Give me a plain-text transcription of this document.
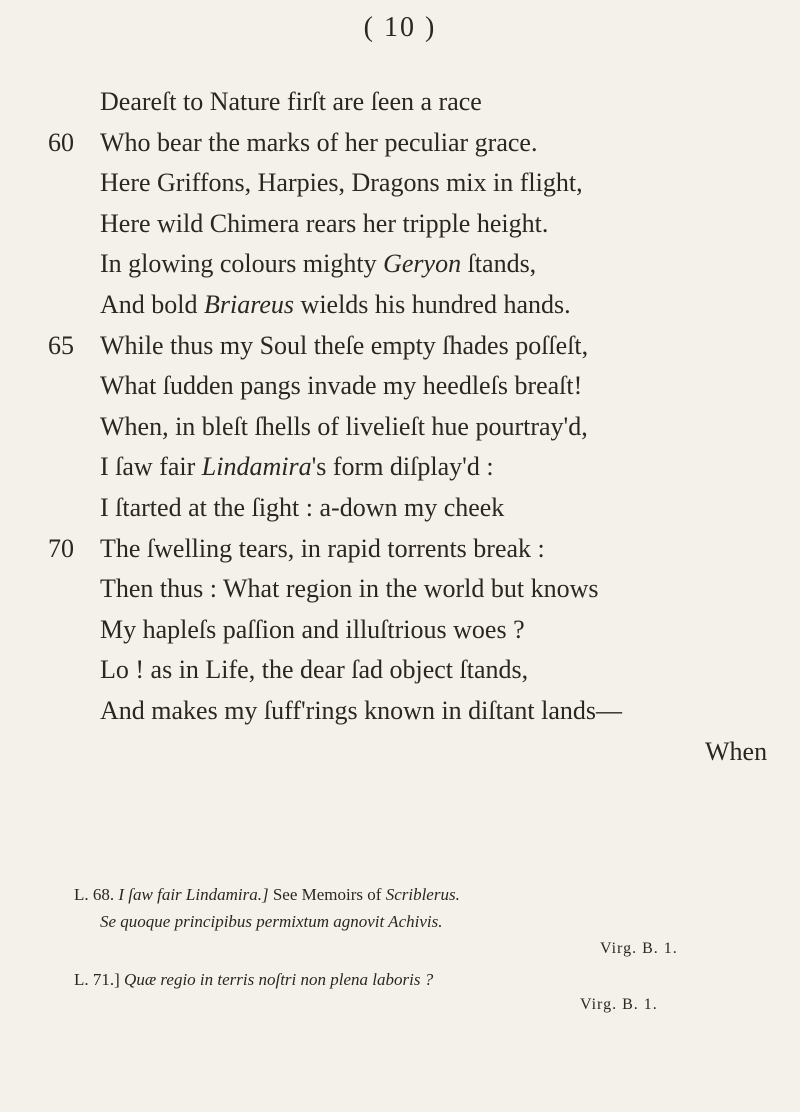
( 10 )
Deareſt to Nature firſt are ſeen a race
60 Who bear the marks of her peculiar grace.
Here Griffons, Harpies, Dragons mix in flight,
Here wild Chimera rears her tripple height.
In glowing colours mighty Geryon ſtands,
And bold Briareus wields his hundred hands.
65 While thus my Soul theſe empty ſhades poſſeſt,
What ſudden pangs invade my heedleſs breaſt!
When, in bleſt ſhells of livelieſt hue pourtray'd,
I ſaw fair Lindamira's form diſplay'd :
I ſtarted at the ſight : a-down my cheek
70 The ſwelling tears, in rapid torrents break :
Then thus : What region in the world but knows
My hapleſs paſſion and illuſtrious woes ?
Lo ! as in Life, the dear ſad object ſtands,
And makes my ſuff'rings known in diſtant lands—
When
L. 68. I ſaw fair Lindamira.] See Memoirs of Scriblerus.
Se quoque principibus permixtum agnovit Achivis.
Virg. B. 1.
L. 71.] Quæ regio in terris noſtri non plena laboris ?
Virg. B. 1.
